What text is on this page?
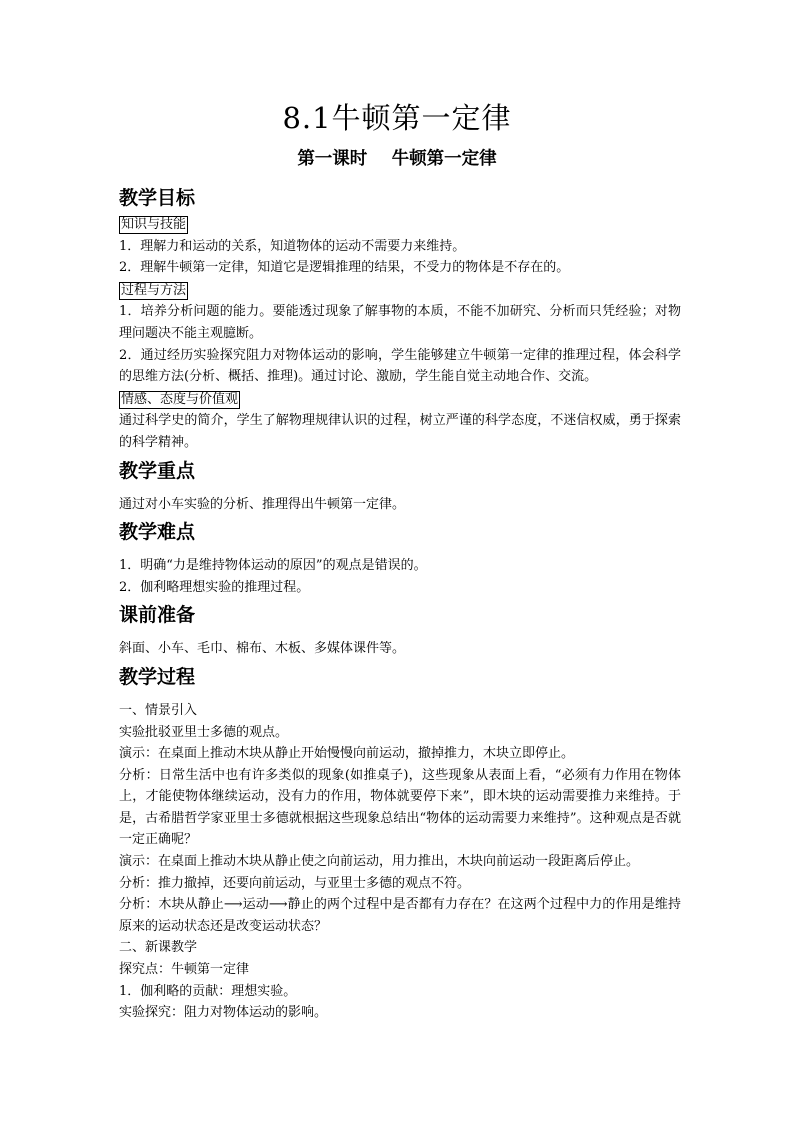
8.1牛顿第一定律
第一课时    牛顿第一定律
教学目标
知识与技能

1．理解力和运动的关系，知道物体的运动不需要力来维持。

2．理解牛顿第一定律，知道它是逻辑推理的结果，不受力的物体是不存在的。

过程与方法

1．培养分析问题的能力。要能透过现象了解事物的本质，不能不加研究、分析而只凭经验；对物理问题决不能主观臆断。

2．通过经历实验探究阻力对物体运动的影响，学生能够建立牛顿第一定律的推理过程，体会科学的思维方法(分析、概括、推理)。通过讨论、激励，学生能自觉主动地合作、交流。

情感、态度与价值观

通过科学史的简介，学生了解物理规律认识的过程，树立严谨的科学态度，不迷信权威，勇于探索的科学精神。

教学重点

通过对小车实验的分析、推理得出牛顿第一定律。

教学难点

1．明确“力是维持物体运动的原因”的观点是错误的。

2．伽利略理想实验的推理过程。

课前准备

斜面、小车、毛巾、棉布、木板、多媒体课件等。

教学过程

一、情景引入

实验批驳亚里士多德的观点。

演示：在桌面上推动木块从静止开始慢慢向前运动，撤掉推力，木块立即停止。

分析：日常生活中也有许多类似的现象(如推桌子)，这些现象从表面上看，“必须有力作用在物体上，才能使物体继续运动，没有力的作用，物体就要停下来”，即木块的运动需要推力来维持。于是，古希腊哲学家亚里士多德就根据这些现象总结出“物体的运动需要力来维持”。这种观点是否就一定正确呢？

演示：在桌面上推动木块从静止使之向前运动，用力推出，木块向前运动一段距离后停止。

分析：推力撤掉，还要向前运动，与亚里士多德的观点不符。

分析：木块从静止⟶运动⟶静止的两个过程中是否都有力存在？在这两个过程中力的作用是维持原来的运动状态还是改变运动状态？

二、新课教学

探究点：牛顿第一定律

1．伽利略的贡献：理想实验。

实验探究：阻力对物体运动的影响。
